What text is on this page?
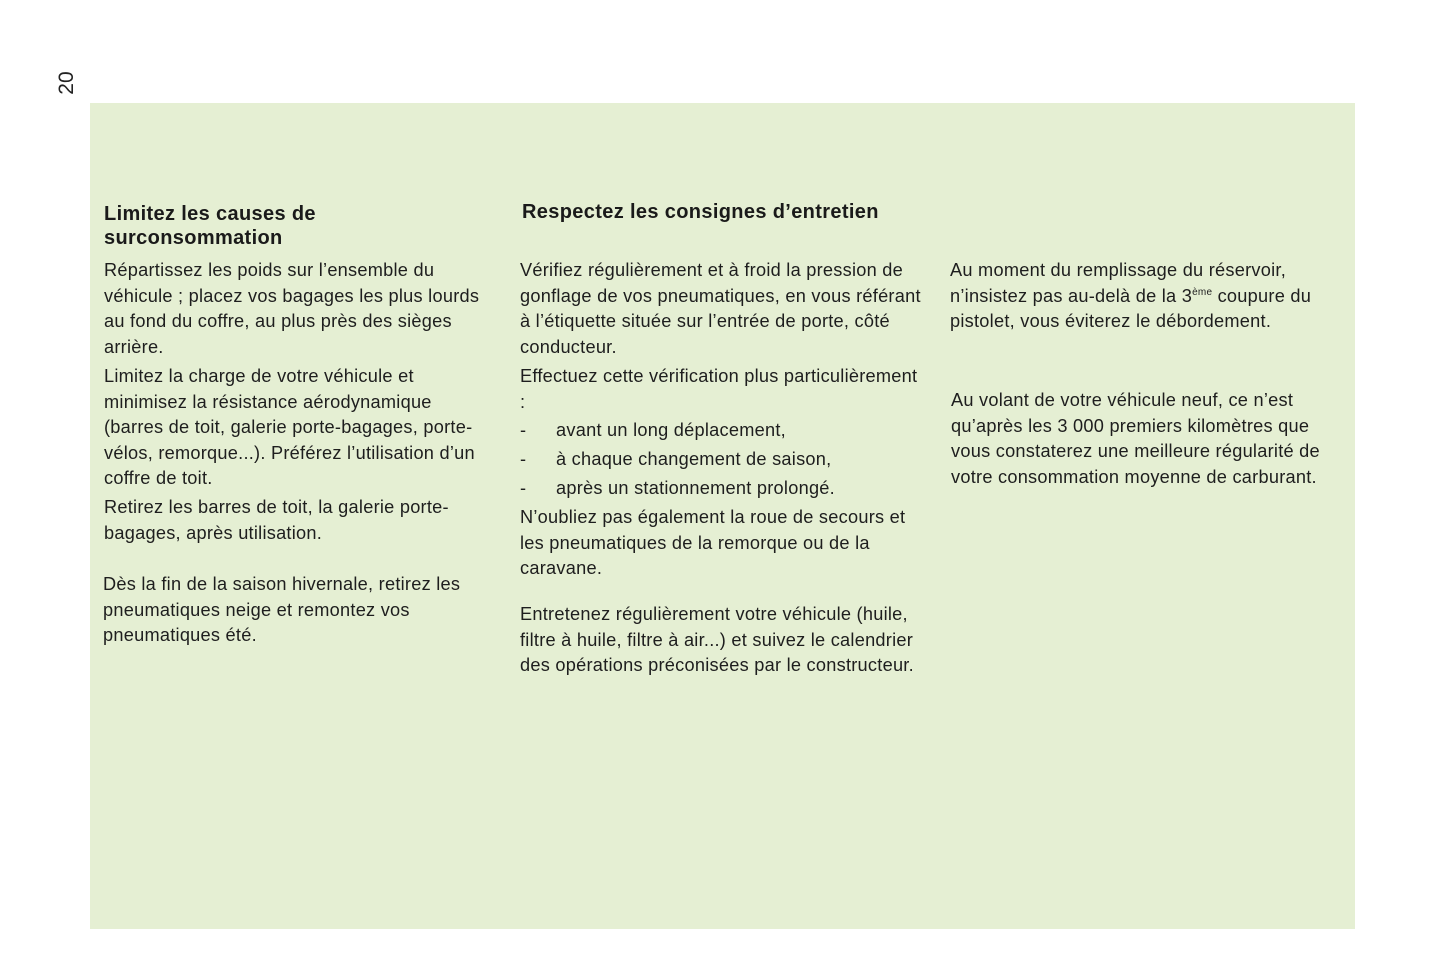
20
Limitez les causes de
surconsommation

Répartissez les poids sur l’ensemble du véhicule ; placez vos bagages les plus lourds au fond du coffre, au plus près des sièges arrière.

Limitez la charge de votre véhicule et minimisez la résistance aérodynamique (barres de toit, galerie porte-bagages, porte-vélos, remorque...). Préférez l’utilisation d’un coffre de toit.

Retirez les barres de toit, la galerie porte-bagages, après utilisation.

Dès la fin de la saison hivernale, retirez les pneumatiques neige et remontez vos pneumatiques été.

Respectez les consignes d’entretien

Vérifiez régulièrement et à froid la pression de gonflage de vos pneumatiques, en vous référant à l’étiquette située sur l’entrée de porte, côté conducteur.

Effectuez cette vérification plus particulièrement :

- avant un long déplacement,
- à chaque changement de saison,
- après un stationnement prolongé.

N’oubliez pas également la roue de secours et les pneumatiques de la remorque ou de la caravane.

Entretenez régulièrement votre véhicule (huile, filtre à huile, filtre à air...) et suivez le calendrier des opérations préconisées par le constructeur.

Au moment du remplissage du réservoir, n’insistez pas au-delà de la 3ème coupure du pistolet, vous éviterez le débordement.

Au volant de votre véhicule neuf, ce n’est qu’après les 3 000 premiers kilomètres que vous constaterez une meilleure régularité de votre consommation moyenne de carburant.
